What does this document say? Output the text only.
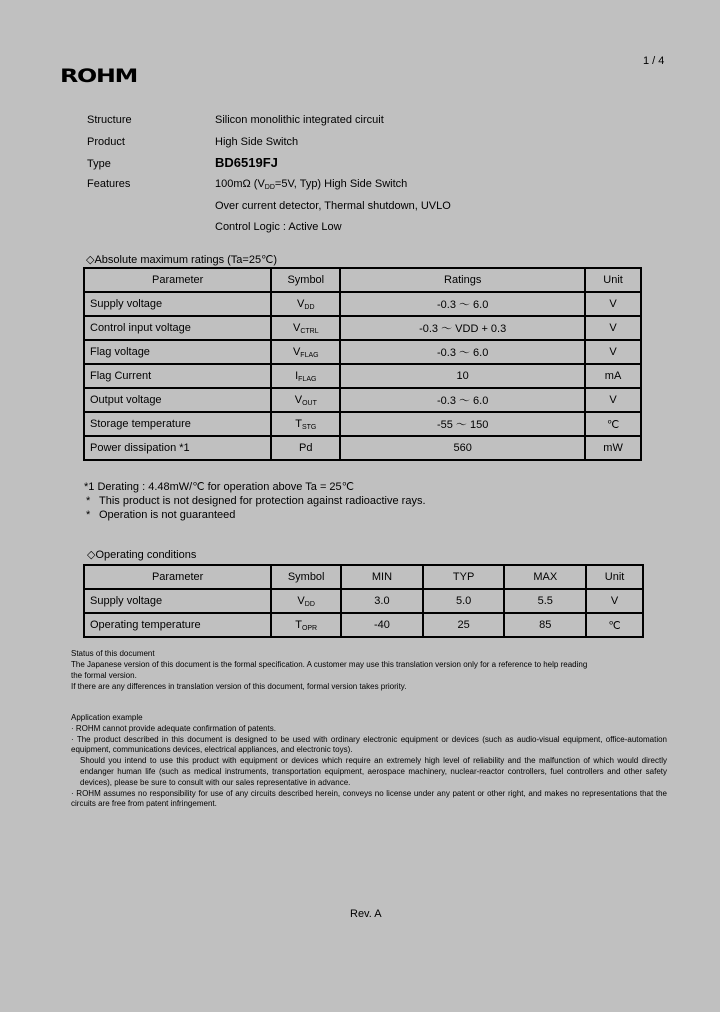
1 / 4
ROHM
Structure	Silicon monolithic integrated circuit
Product	High Side Switch
Type	BD6519FJ
Features	100mΩ ($V_{DD}=5V$, Typ) High Side Switch
Over current detector, Thermal shutdown, UVLO
Control Logic : Active Low
◇Absolute maximum ratings (Ta=25℃)
Parameter	Symbol	Ratings	Unit
Supply voltage	$V_{DD}$	-0.3 ～ 6.0	V
Control input voltage	$V_{CTRL}$	-0.3 ～ VDD + 0.3	V
Flag voltage	$V_{FLAG}$	-0.3 ～ 6.0	V
Flag Current	$I_{FLAG}$	10	mA
Output voltage	$V_{OUT}$	-0.3 ～ 6.0	V
Storage temperature	$T_{STG}$	-55 ～ 150	℃
Power dissipation *1	Pd	560	mW
*1 Derating : 4.48mW/℃ for operation above Ta = 25℃
* This product is not designed for protection against radioactive rays.
* Operation is not guaranteed
◇Operating conditions
Parameter	Symbol	MIN	TYP	MAX	Unit
Supply voltage	$V_{DD}$	3.0	5.0	5.5	V
Operating temperature	$T_{OPR}$	-40	25	85	℃
Status of this document
The Japanese version of this document is the formal specification. A customer may use this translation version only for a reference to help reading
the formal version.
If there are any differences in translation version of this document, formal version takes priority.
Application example
· ROHM cannot provide adequate confirmation of patents.
· The product described in this document is designed to be used with ordinary electronic equipment or devices (such as audio-visual equipment, office-automation equipment, communications devices, electrical appliances, and electronic toys).
Should you intend to use this product with equipment or devices which require an extremely high level of reliability and the malfunction of which would directly endanger human life (such as medical instruments, transportation equipment, aerospace machinery, nuclear-reactor controllers, fuel controllers and other safety devices), please be sure to consult with our sales representative in advance.
· ROHM assumes no responsibility for use of any circuits described herein, conveys no license under any patent or other right, and makes no representations that the circuits are free from patent infringement.
Rev. A
